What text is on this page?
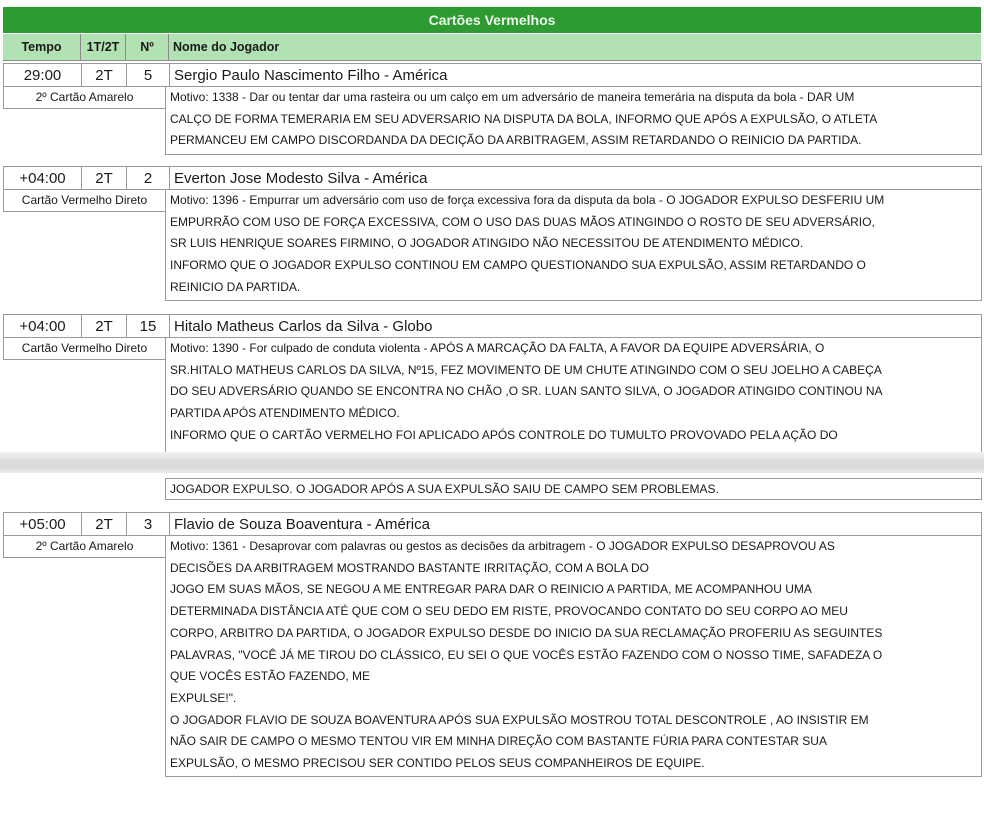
Cartões Vermelhos
Tempo	1T/2T	Nº	Nome do Jogador
29:00	2T	5	Sergio Paulo Nascimento Filho - América
2º Cartão Amarelo	Motivo: 1338 - Dar ou tentar dar uma rasteira ou um calço em um adversário de maneira temerária na disputa da bola - DAR UM
CALÇO DE FORMA TEMERARIA EM SEU ADVERSARIO NA DISPUTA DA BOLA, INFORMO QUE APÓS A EXPULSÃO, O ATLETA
PERMANCEU EM CAMPO DISCORDANDA DA DECIÇÃO DA ARBITRAGEM, ASSIM RETARDANDO O REINICIO DA PARTIDA.
+04:00	2T	2	Everton Jose Modesto Silva - América
Cartão Vermelho Direto	Motivo: 1396 - Empurrar um adversário com uso de força excessiva fora da disputa da bola - O JOGADOR EXPULSO DESFERIU UM
EMPURRÃO COM USO DE FORÇA EXCESSIVA, COM O USO DAS DUAS MÃOS ATINGINDO O ROSTO DE SEU ADVERSÁRIO,
SR LUIS HENRIQUE SOARES FIRMINO, O JOGADOR ATINGIDO NÃO NECESSITOU DE ATENDIMENTO MÉDICO.
INFORMO QUE O JOGADOR EXPULSO CONTINOU EM CAMPO QUESTIONANDO SUA EXPULSÃO, ASSIM RETARDANDO O
REINICIO DA PARTIDA.
+04:00	2T	15	Hitalo Matheus Carlos da Silva - Globo
Cartão Vermelho Direto	Motivo: 1390 - For culpado de conduta violenta - APÓS A MARCAÇÃO DA FALTA, A FAVOR DA EQUIPE ADVERSÁRIA, O
SR.HITALO MATHEUS CARLOS DA SILVA, Nº15, FEZ MOVIMENTO DE UM CHUTE ATINGINDO COM O SEU JOELHO A CABEÇA
DO SEU ADVERSÁRIO QUANDO SE ENCONTRA NO CHÃO ,O SR. LUAN SANTO SILVA, O JOGADOR ATINGIDO CONTINOU NA
PARTIDA APÓS ATENDIMENTO MÉDICO.
INFORMO QUE O CARTÃO VERMELHO FOI APLICADO APÓS CONTROLE DO TUMULTO PROVOVADO PELA AÇÃO DO
JOGADOR EXPULSO. O JOGADOR APÓS A SUA EXPULSÃO SAIU DE CAMPO SEM PROBLEMAS.
+05:00	2T	3	Flavio de Souza Boaventura - América
2º Cartão Amarelo	Motivo: 1361 - Desaprovar com palavras ou gestos as decisões da arbitragem - O JOGADOR EXPULSO DESAPROVOU AS
DECISÕES DA ARBITRAGEM MOSTRANDO BASTANTE IRRITAÇÃO, COM A BOLA DO
JOGO EM SUAS MÃOS, SE NEGOU A ME ENTREGAR PARA DAR O REINICIO A PARTIDA, ME ACOMPANHOU UMA
DETERMINADA DISTÂNCIA ATÉ QUE COM O SEU DEDO EM RISTE, PROVOCANDO CONTATO DO SEU CORPO AO MEU
CORPO, ARBITRO DA PARTIDA, O JOGADOR EXPULSO DESDE DO INICIO DA SUA RECLAMAÇÃO PROFERIU AS SEGUINTES
PALAVRAS, "VOCÊ JÁ ME TIROU DO CLÁSSICO, EU SEI O QUE VOCÊS ESTÃO FAZENDO COM O NOSSO TIME, SAFADEZA O
QUE VOCÊS ESTÃO FAZENDO, ME
EXPULSE!".
O JOGADOR FLAVIO DE SOUZA BOAVENTURA APÓS SUA EXPULSÃO MOSTROU TOTAL DESCONTROLE , AO INSISTIR EM
NÃO SAIR DE CAMPO O MESMO TENTOU VIR EM MINHA DIREÇÃO COM BASTANTE FÚRIA PARA CONTESTAR SUA
EXPULSÃO, O MESMO PRECISOU SER CONTIDO PELOS SEUS COMPANHEIROS DE EQUIPE.
